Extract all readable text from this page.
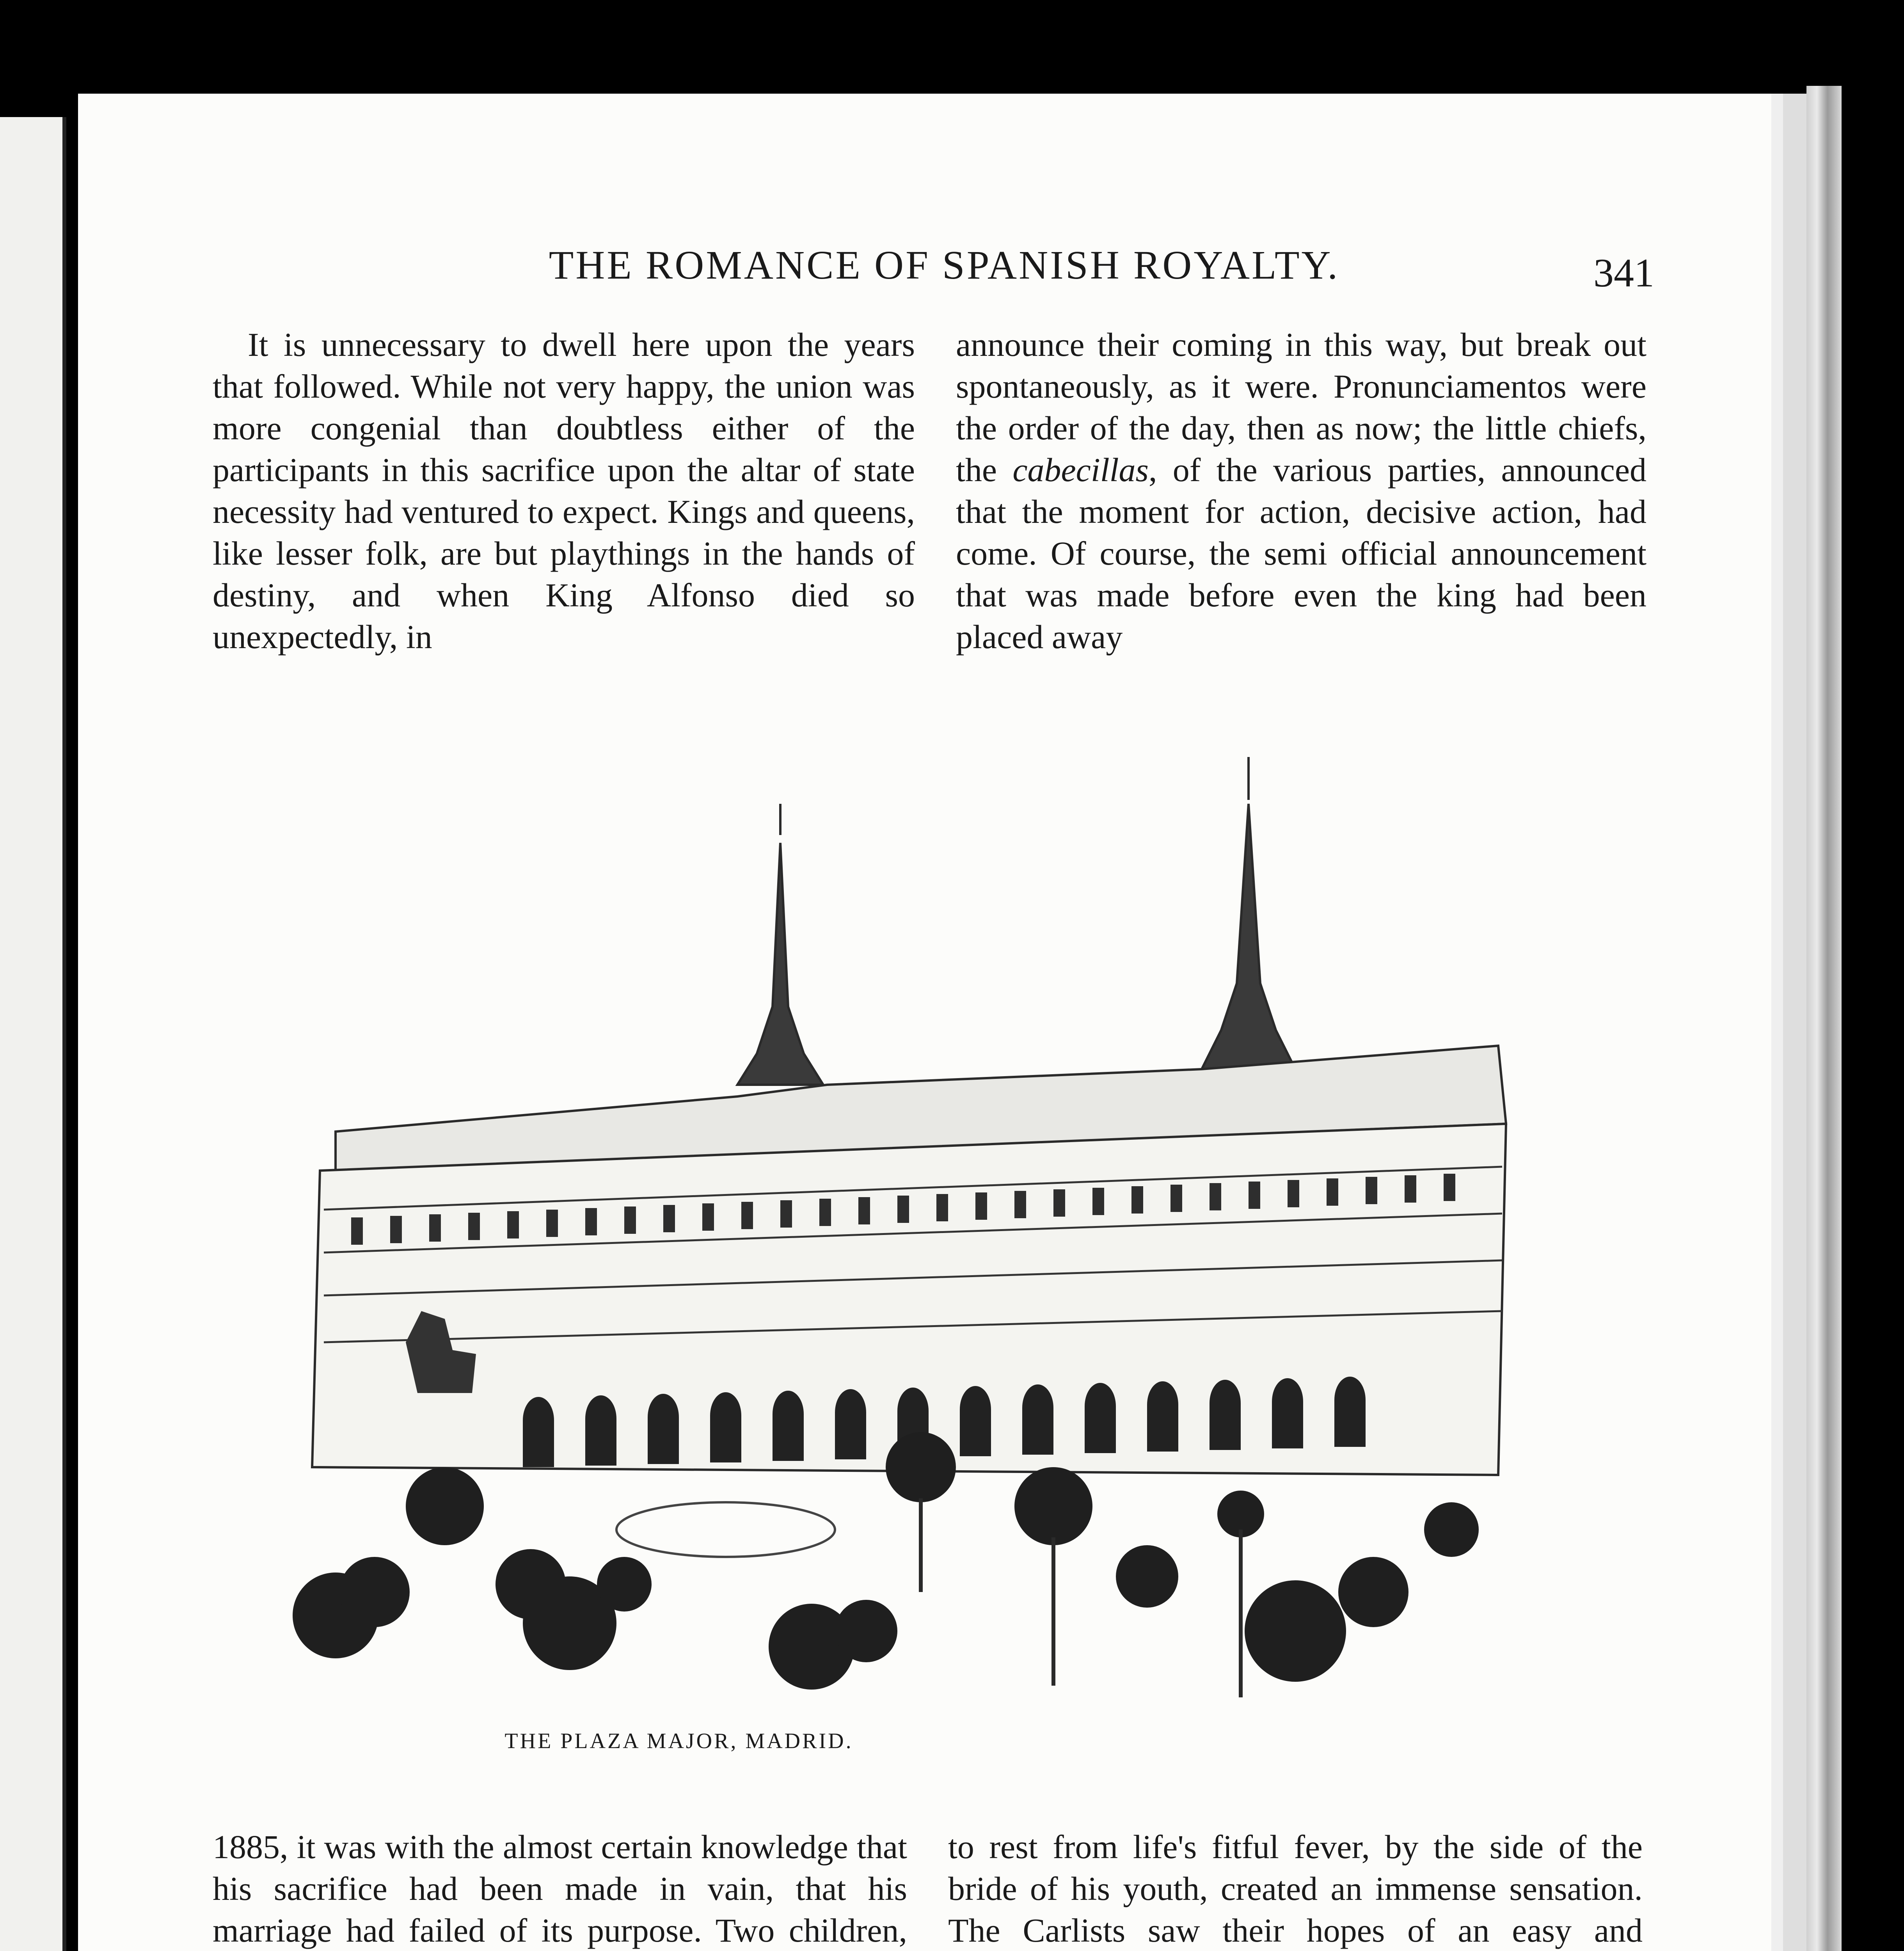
THE ROMANCE OF SPANISH ROYALTY.	341

It is unnecessary to dwell here upon the years that followed. While not very happy, the union was more congenial than doubtless either of the participants in this sacrifice upon the altar of state necessity had ventured to expect. Kings and queens, like lesser folk, are but playthings in the hands of destiny, and when King Alfonso died so unexpectedly, in

announce their coming in this way, but break out spontaneously, as it were. Pronunciamentos were the order of the day, then as now; the little chiefs, the cabecillas, of the various parties, announced that the moment for action, decisive action, had come. Of course, the semi official announcement that was made before even the king had been placed away

THE PLAZA MAJOR, MADRID.

1885, it was with the almost certain knowledge that his sacrifice had been made in vain, that his marriage had failed of its purpose. Two children,

to rest from life's fitful fever, by the side of the bride of his youth, created an immense sensation. The Carlists saw their hopes of an easy and
